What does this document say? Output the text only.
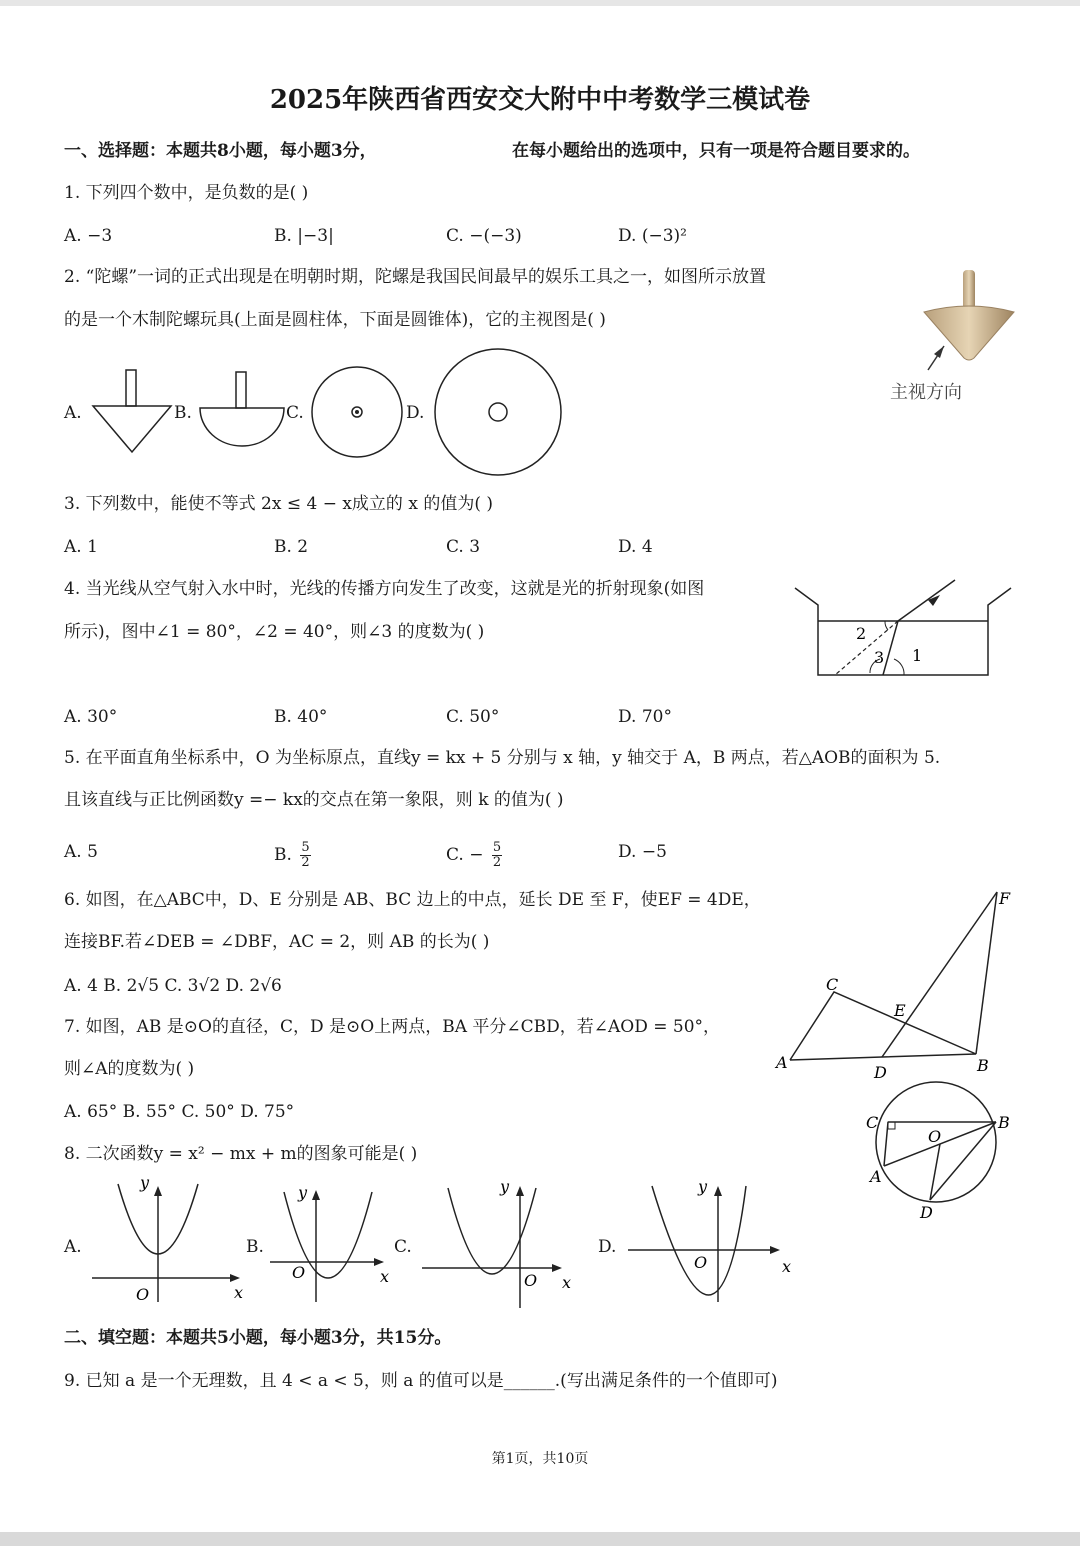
2025年陕西省西安交大附中中考数学三模试卷
一、选择题：本题共8小题，每小题3分，	在每小题给出的选项中，只有一项是符合题目要求的。
1. 下列四个数中，是负数的是( )
A. −3	B. |−3|	C. −(−3)	D. (−3)²
2. “陀螺”一词的正式出现是在明朝时期，陀螺是我国民间最早的娱乐工具之一，如图所示放置
的是一个木制陀螺玩具(上面是圆柱体，下面是圆锥体)，它的主视图是( )
主视方向
A.	B.	C.	D.
3. 下列数中，能使不等式 2x ≤ 4 − x成立的 x 的值为( )
A. 1	B. 2	C. 3	D. 4
4. 当光线从空气射入水中时，光线的传播方向发生了改变，这就是光的折射现象(如图
所示)，图中∠1 = 80°，∠2 = 40°，则∠3 的度数为( )	2
3 1
A. 30°	B. 40°	C. 50°	D. 70°
5. 在平面直角坐标系中，O 为坐标原点，直线y = kx + 5 分别与 x 轴，y 轴交于 A，B 两点，若△AOB的面积为 5.
且该直线与正比例函数y =− kx的交点在第一象限，则 k 的值为( )
A. 5	B. $\frac{5}{2}$	C. − $\frac{5}{2}$	D. −5
6. 如图，在△ABC中，D、E 分别是 AB、BC 边上的中点，延长 DE 至 F，使EF = 4DE，
连接BF.若∠DEB = ∠DBF，AC = 2，则 AB 的长为( )
A. 4 B. 2√5 C. 3√2 D. 2√6
F
C
E
A
D	B
7. 如图，AB 是⊙O的直径，C，D 是⊙O上两点，BA 平分∠CBD，若∠AOD = 50°，
则∠A的度数为( )
A. 65° B. 55° C. 50° D. 75°
C	B
O
A
D
8. 二次函数y = x² − mx + m的图象可能是( )
A.
y
x
O
B.
y
x
O
C.
y
x
O
D.
y
x
O
二、填空题：本题共5小题，每小题3分，共15分。
9. 已知 a 是一个无理数，且 4 < a < 5，则 a 的值可以是______.(写出满足条件的一个值即可)
第1页，共10页
